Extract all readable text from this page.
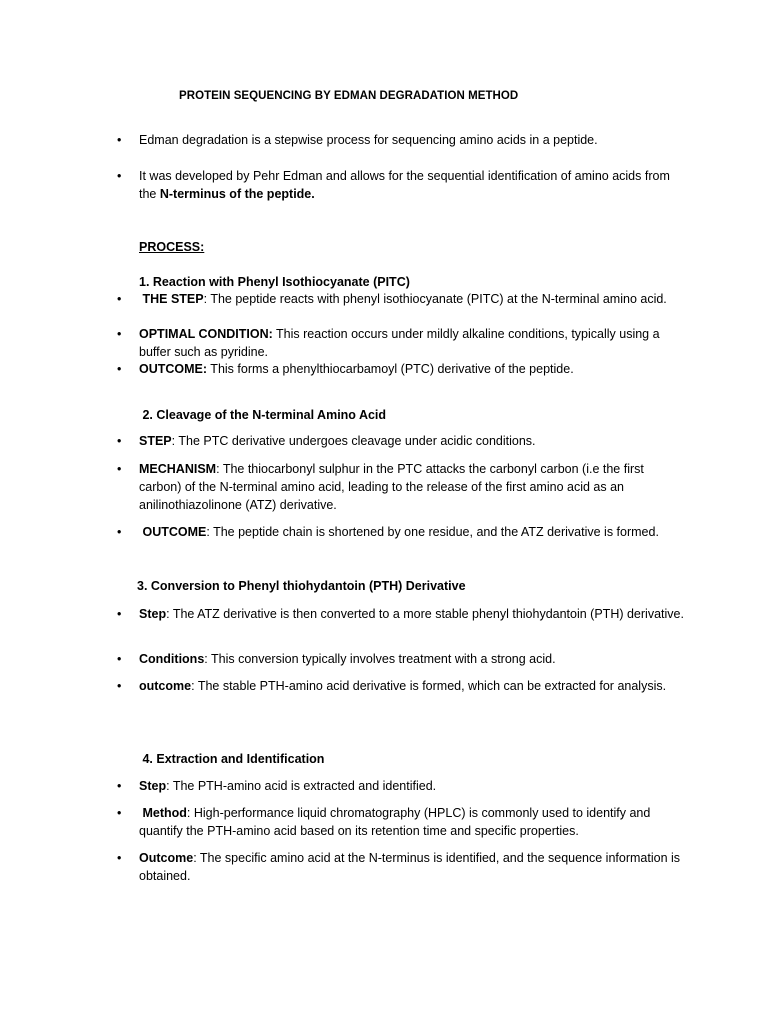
PROTEIN SEQUENCING BY EDMAN DEGRADATION METHOD
• Edman degradation is a stepwise process for sequencing amino acids in a peptide.
• It was developed by Pehr Edman and allows for the sequential identification of amino acids from the N-terminus of the peptide.
PROCESS:
1. Reaction with Phenyl Isothiocyanate (PITC)
•  THE STEP: The peptide reacts with phenyl isothiocyanate (PITC) at the N-terminal amino acid.
• OPTIMAL CONDITION: This reaction occurs under mildly alkaline conditions, typically using a buffer such as pyridine.
• OUTCOME: This forms a phenylthiocarbamoyl (PTC) derivative of the peptide.
2. Cleavage of the N-terminal Amino Acid
• STEP: The PTC derivative undergoes cleavage under acidic conditions.
• MECHANISM: The thiocarbonyl sulphur in the PTC attacks the carbonyl carbon (i.e the first carbon) of the N-terminal amino acid, leading to the release of the first amino acid as an anilinothiazolinone (ATZ) derivative.
•  OUTCOME: The peptide chain is shortened by one residue, and the ATZ derivative is formed.
3. Conversion to Phenyl thiohydantoin (PTH) Derivative
• Step: The ATZ derivative is then converted to a more stable phenyl thiohydantoin (PTH) derivative.
• Conditions: This conversion typically involves treatment with a strong acid.
• outcome: The stable PTH-amino acid derivative is formed, which can be extracted for analysis.
4. Extraction and Identification
• Step: The PTH-amino acid is extracted and identified.
•  Method: High-performance liquid chromatography (HPLC) is commonly used to identify and quantify the PTH-amino acid based on its retention time and specific properties.
• Outcome: The specific amino acid at the N-terminus is identified, and the sequence information is obtained.
